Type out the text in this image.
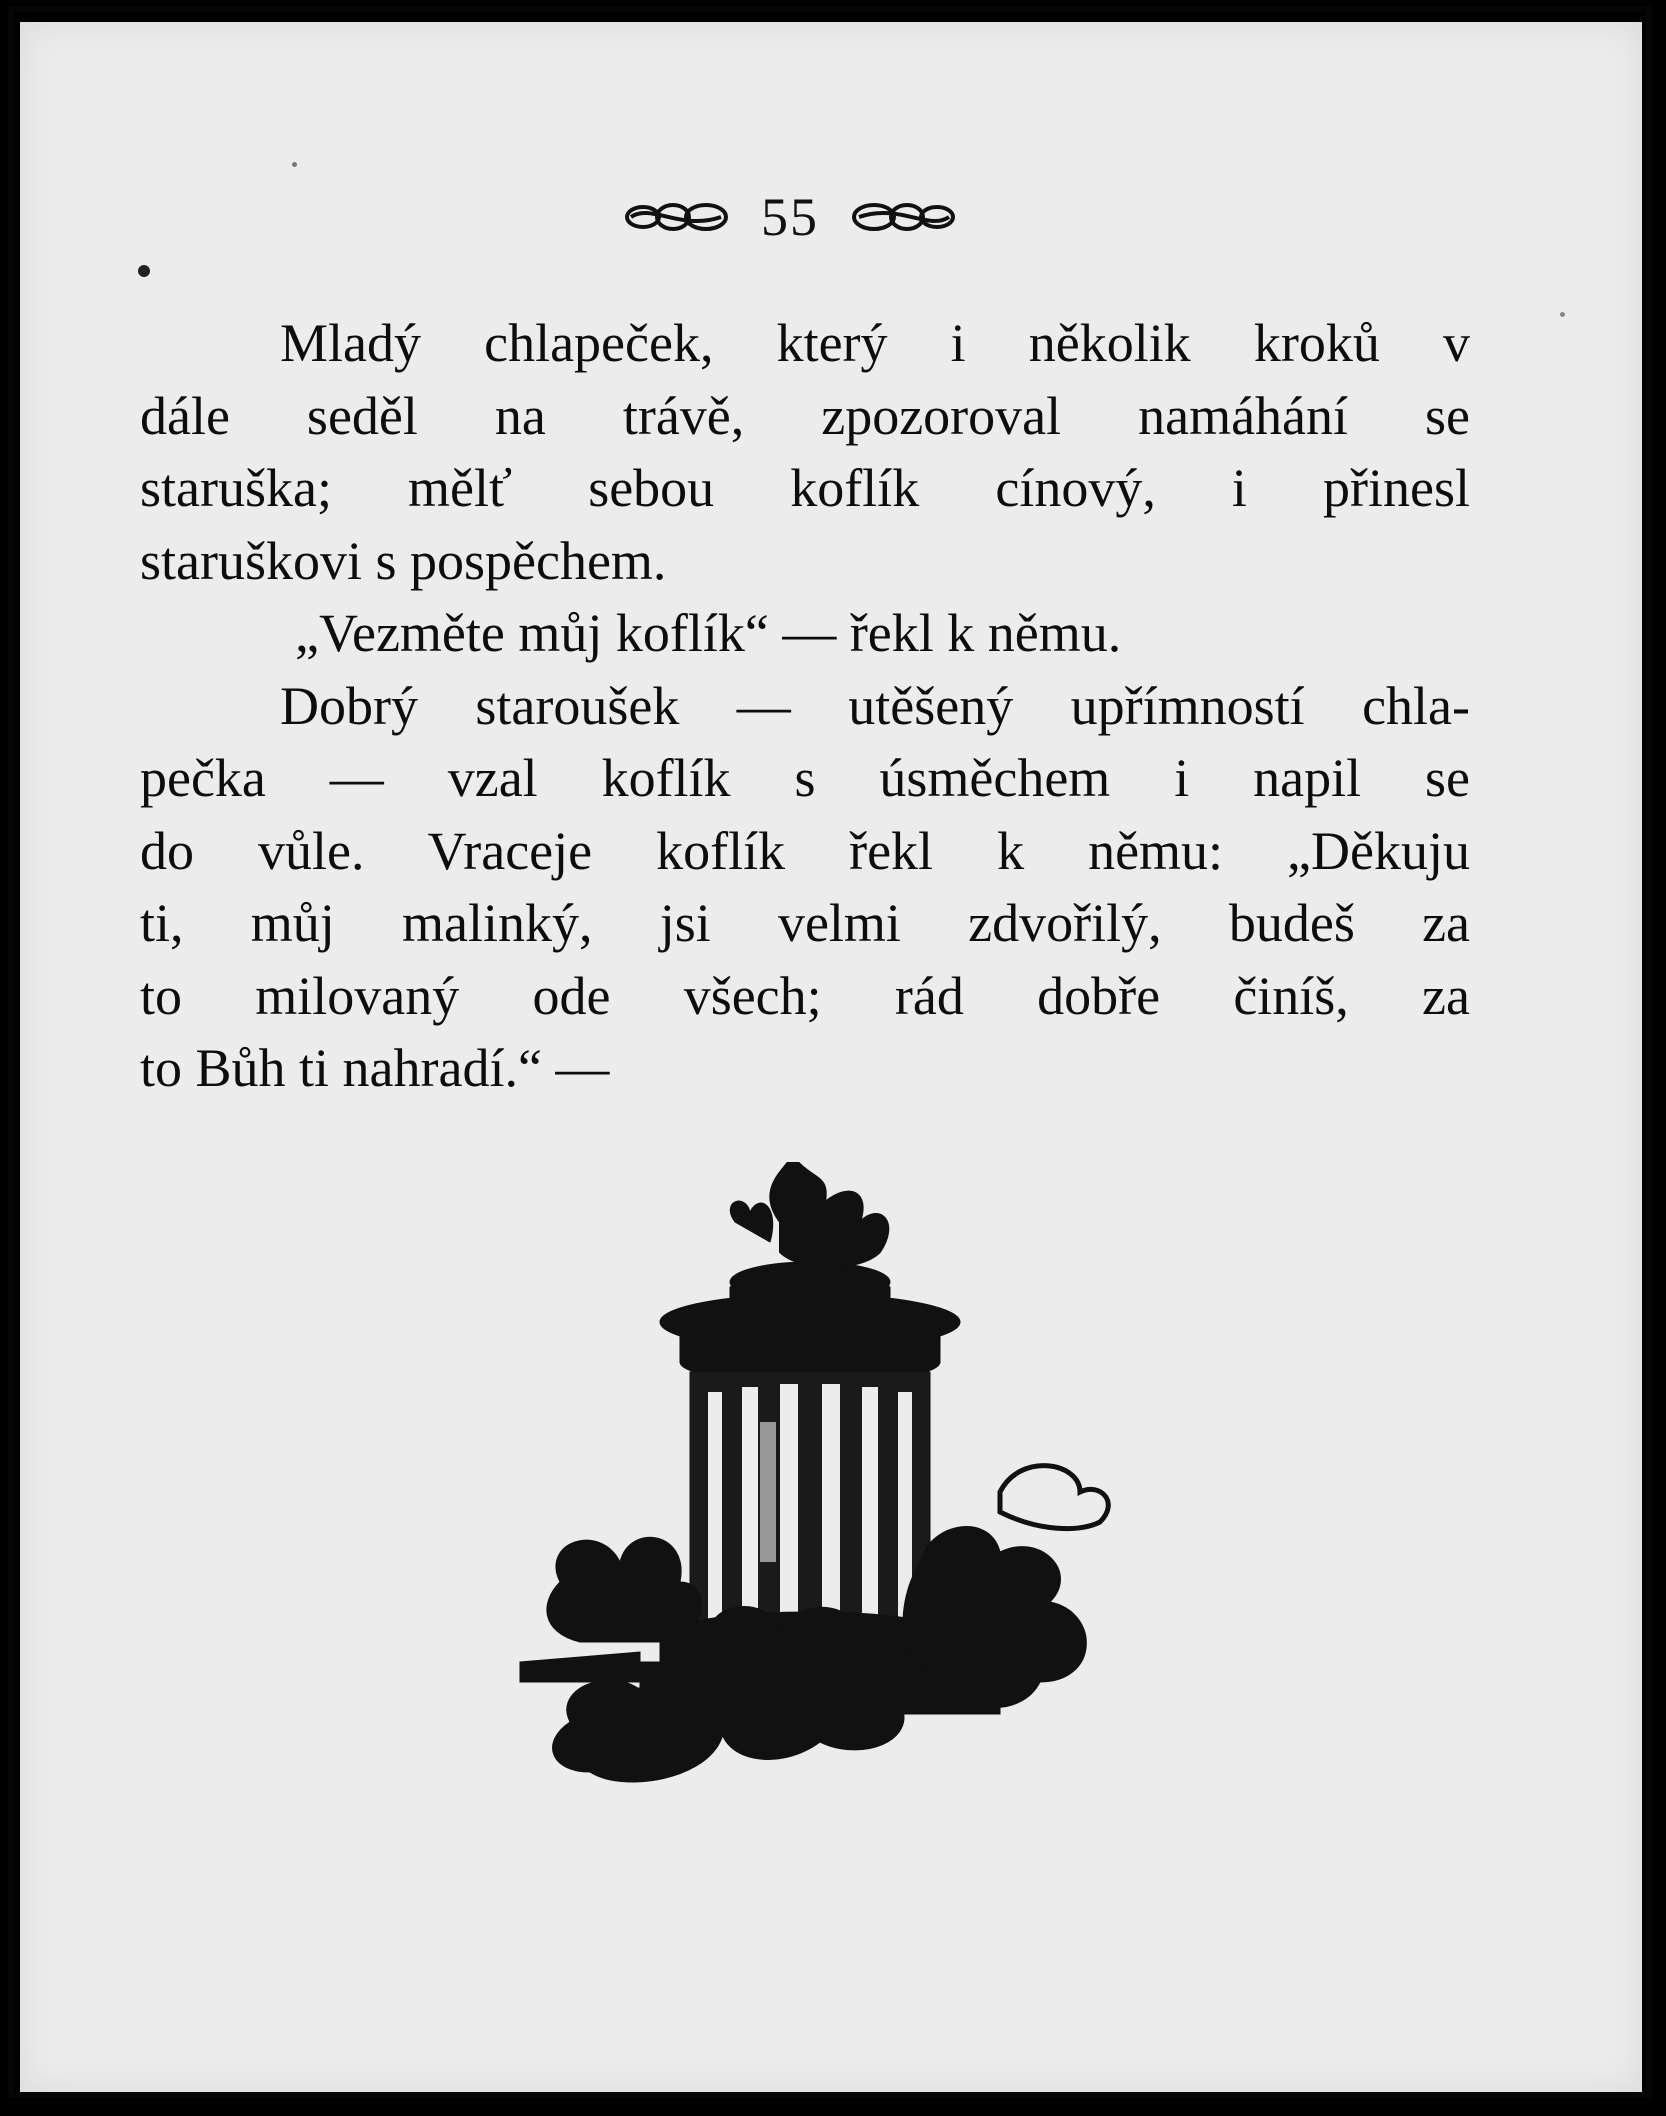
55
Mladý chlapeček, který i několik kroků v
dále seděl na trávě, zpozoroval namáhání se
staruška; mělť sebou koflík cínový, i přinesl
staruškovi s pospěchem.
„Vezměte můj koflík“ — řekl k němu.
Dobrý staroušek — utěšený upřímností chla-
pečka — vzal koflík s úsměchem i napil se
do vůle. Vraceje koflík řekl k němu: „Děkuju
ti, můj malinký, jsi velmi zdvořilý, budeš za
to milovaný ode všech; rád dobře činíš, za
to Bůh ti nahradí.“ —
